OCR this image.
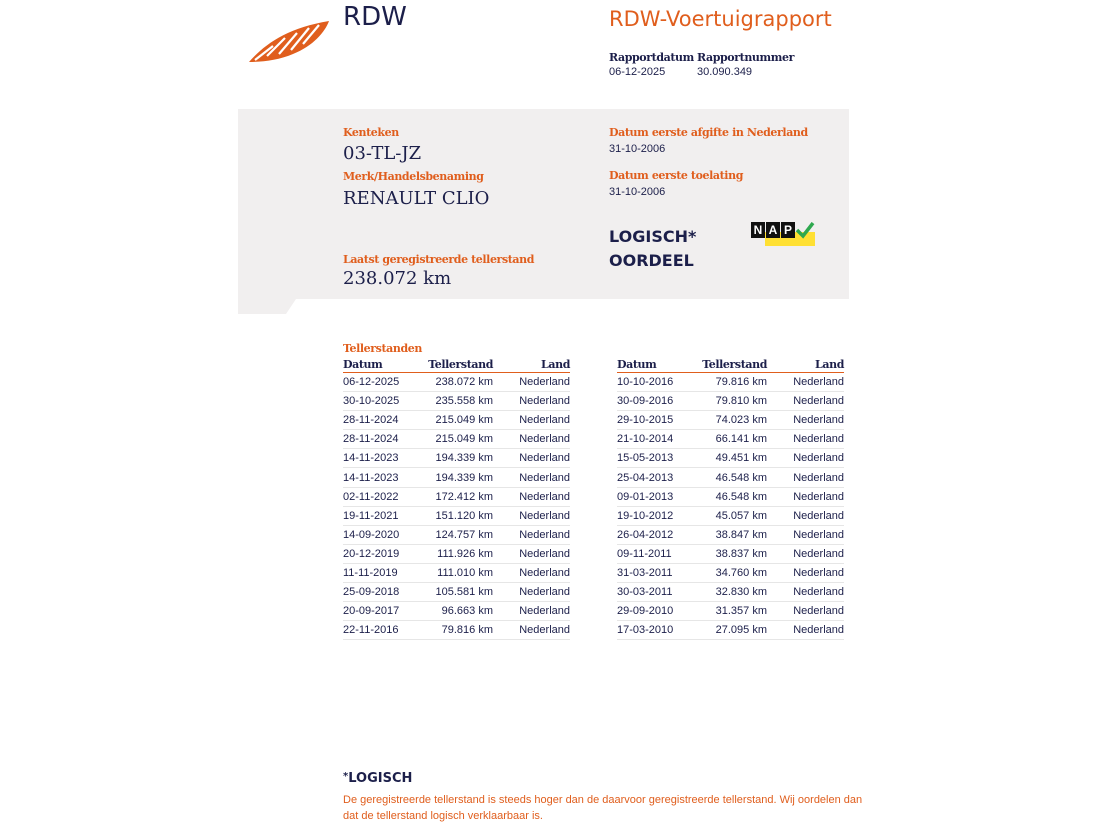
RDW	RDW-Voertuigrapport
Rapportdatum
06-12-2025
Rapportnummer
30.090.349
Kenteken
03-TL-JZ
Merk/Handelsbenaming
RENAULT CLIO
Laatst geregistreerde tellerstand
238.072 km
Datum eerste afgifte in Nederland
31-10-2006
Datum eerste toelating
31-10-2006
LOGISCH*
OORDEEL
N A P
Tellerstanden
Datum	Tellerstand	Land
06-12-2025	238.072 km	Nederland
30-10-2025	235.558 km	Nederland
28-11-2024	215.049 km	Nederland
28-11-2024	215.049 km	Nederland
14-11-2023	194.339 km	Nederland
14-11-2023	194.339 km	Nederland
02-11-2022	172.412 km	Nederland
19-11-2021	151.120 km	Nederland
14-09-2020	124.757 km	Nederland
20-12-2019	111.926 km	Nederland
11-11-2019	111.010 km	Nederland
25-09-2018	105.581 km	Nederland
20-09-2017	96.663 km	Nederland
22-11-2016	79.816 km	Nederland
Datum	Tellerstand	Land
10-10-2016	79.816 km	Nederland
30-09-2016	79.810 km	Nederland
29-10-2015	74.023 km	Nederland
21-10-2014	66.141 km	Nederland
15-05-2013	49.451 km	Nederland
25-04-2013	46.548 km	Nederland
09-01-2013	46.548 km	Nederland
19-10-2012	45.057 km	Nederland
26-04-2012	38.847 km	Nederland
09-11-2011	38.837 km	Nederland
31-03-2011	34.760 km	Nederland
30-03-2011	32.830 km	Nederland
29-09-2010	31.357 km	Nederland
17-03-2010	27.095 km	Nederland
*LOGISCH
De geregistreerde tellerstand is steeds hoger dan de daarvoor geregistreerde tellerstand. Wij oordelen dan dat de tellerstand logisch verklaarbaar is.
